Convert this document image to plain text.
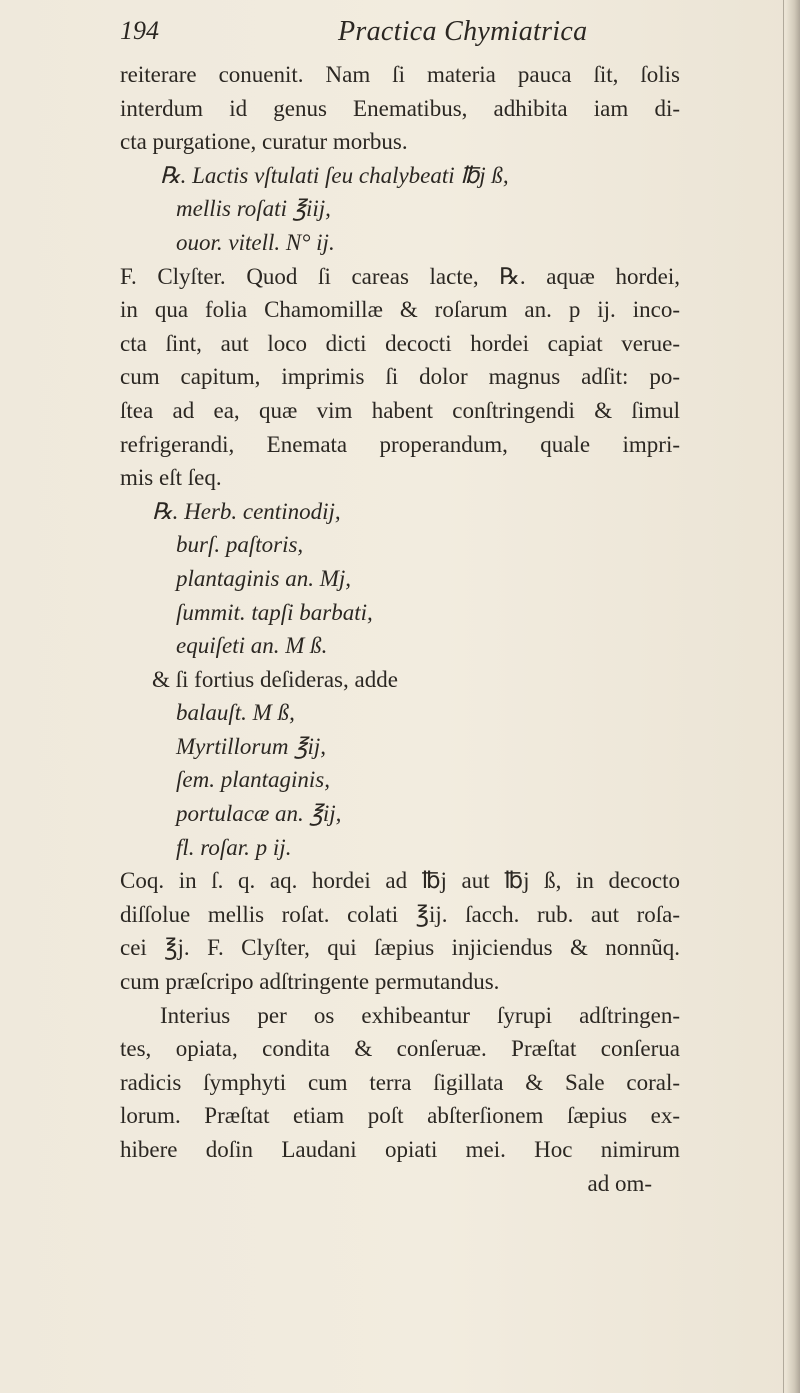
194	Practica Chymiatrica
reiterare conuenit. Nam ſi materia pauca ſit, ſolis
interdum id genus Enematibus, adhibita iam di-
cta purgatione, curatur morbus.
℞. Lactis vſtulati ſeu chalybeati ℔j ß,
mellis roſati ℥iij,
ouor. vitell. N° ij.
F. Clyſter. Quod ſi careas lacte, ℞. aquæ hordei,
in qua folia Chamomillæ & roſarum an. p ij. inco-
cta ſint, aut loco dicti decocti hordei capiat verue-
cum capitum, imprimis ſi dolor magnus adſit: po-
ſtea ad ea, quæ vim habent conſtringendi & ſimul
refrigerandi, Enemata properandum, quale impri-
mis eſt ſeq.
℞. Herb. centinodij,
burſ. paſtoris,
plantaginis an. Mj,
ſummit. tapſi barbati,
equiſeti an. M ß.
& ſi fortius deſideras, adde
balauſt. M ß,
Myrtillorum ℥ij,
ſem. plantaginis,
portulacæ an. ℥ij,
fl. roſar. p ij.
Coq. in ſ. q. aq. hordei ad ℔j aut ℔j ß, in decocto
diſſolue mellis roſat. colati ℥ij. ſacch. rub. aut roſa-
cei ℥j. F. Clyſter, qui ſæpius injiciendus & nonnũq.
cum præſcripo adſtringente permutandus.
Interius per os exhibeantur ſyrupi adſtringen-
tes, opiata, condita & conſeruæ. Præſtat conſerua
radicis ſymphyti cum terra ſigillata & Sale coral-
lorum. Præſtat etiam poſt abſterſionem ſæpius ex-
hibere doſin Laudani opiati mei. Hoc nimirum
ad om-
